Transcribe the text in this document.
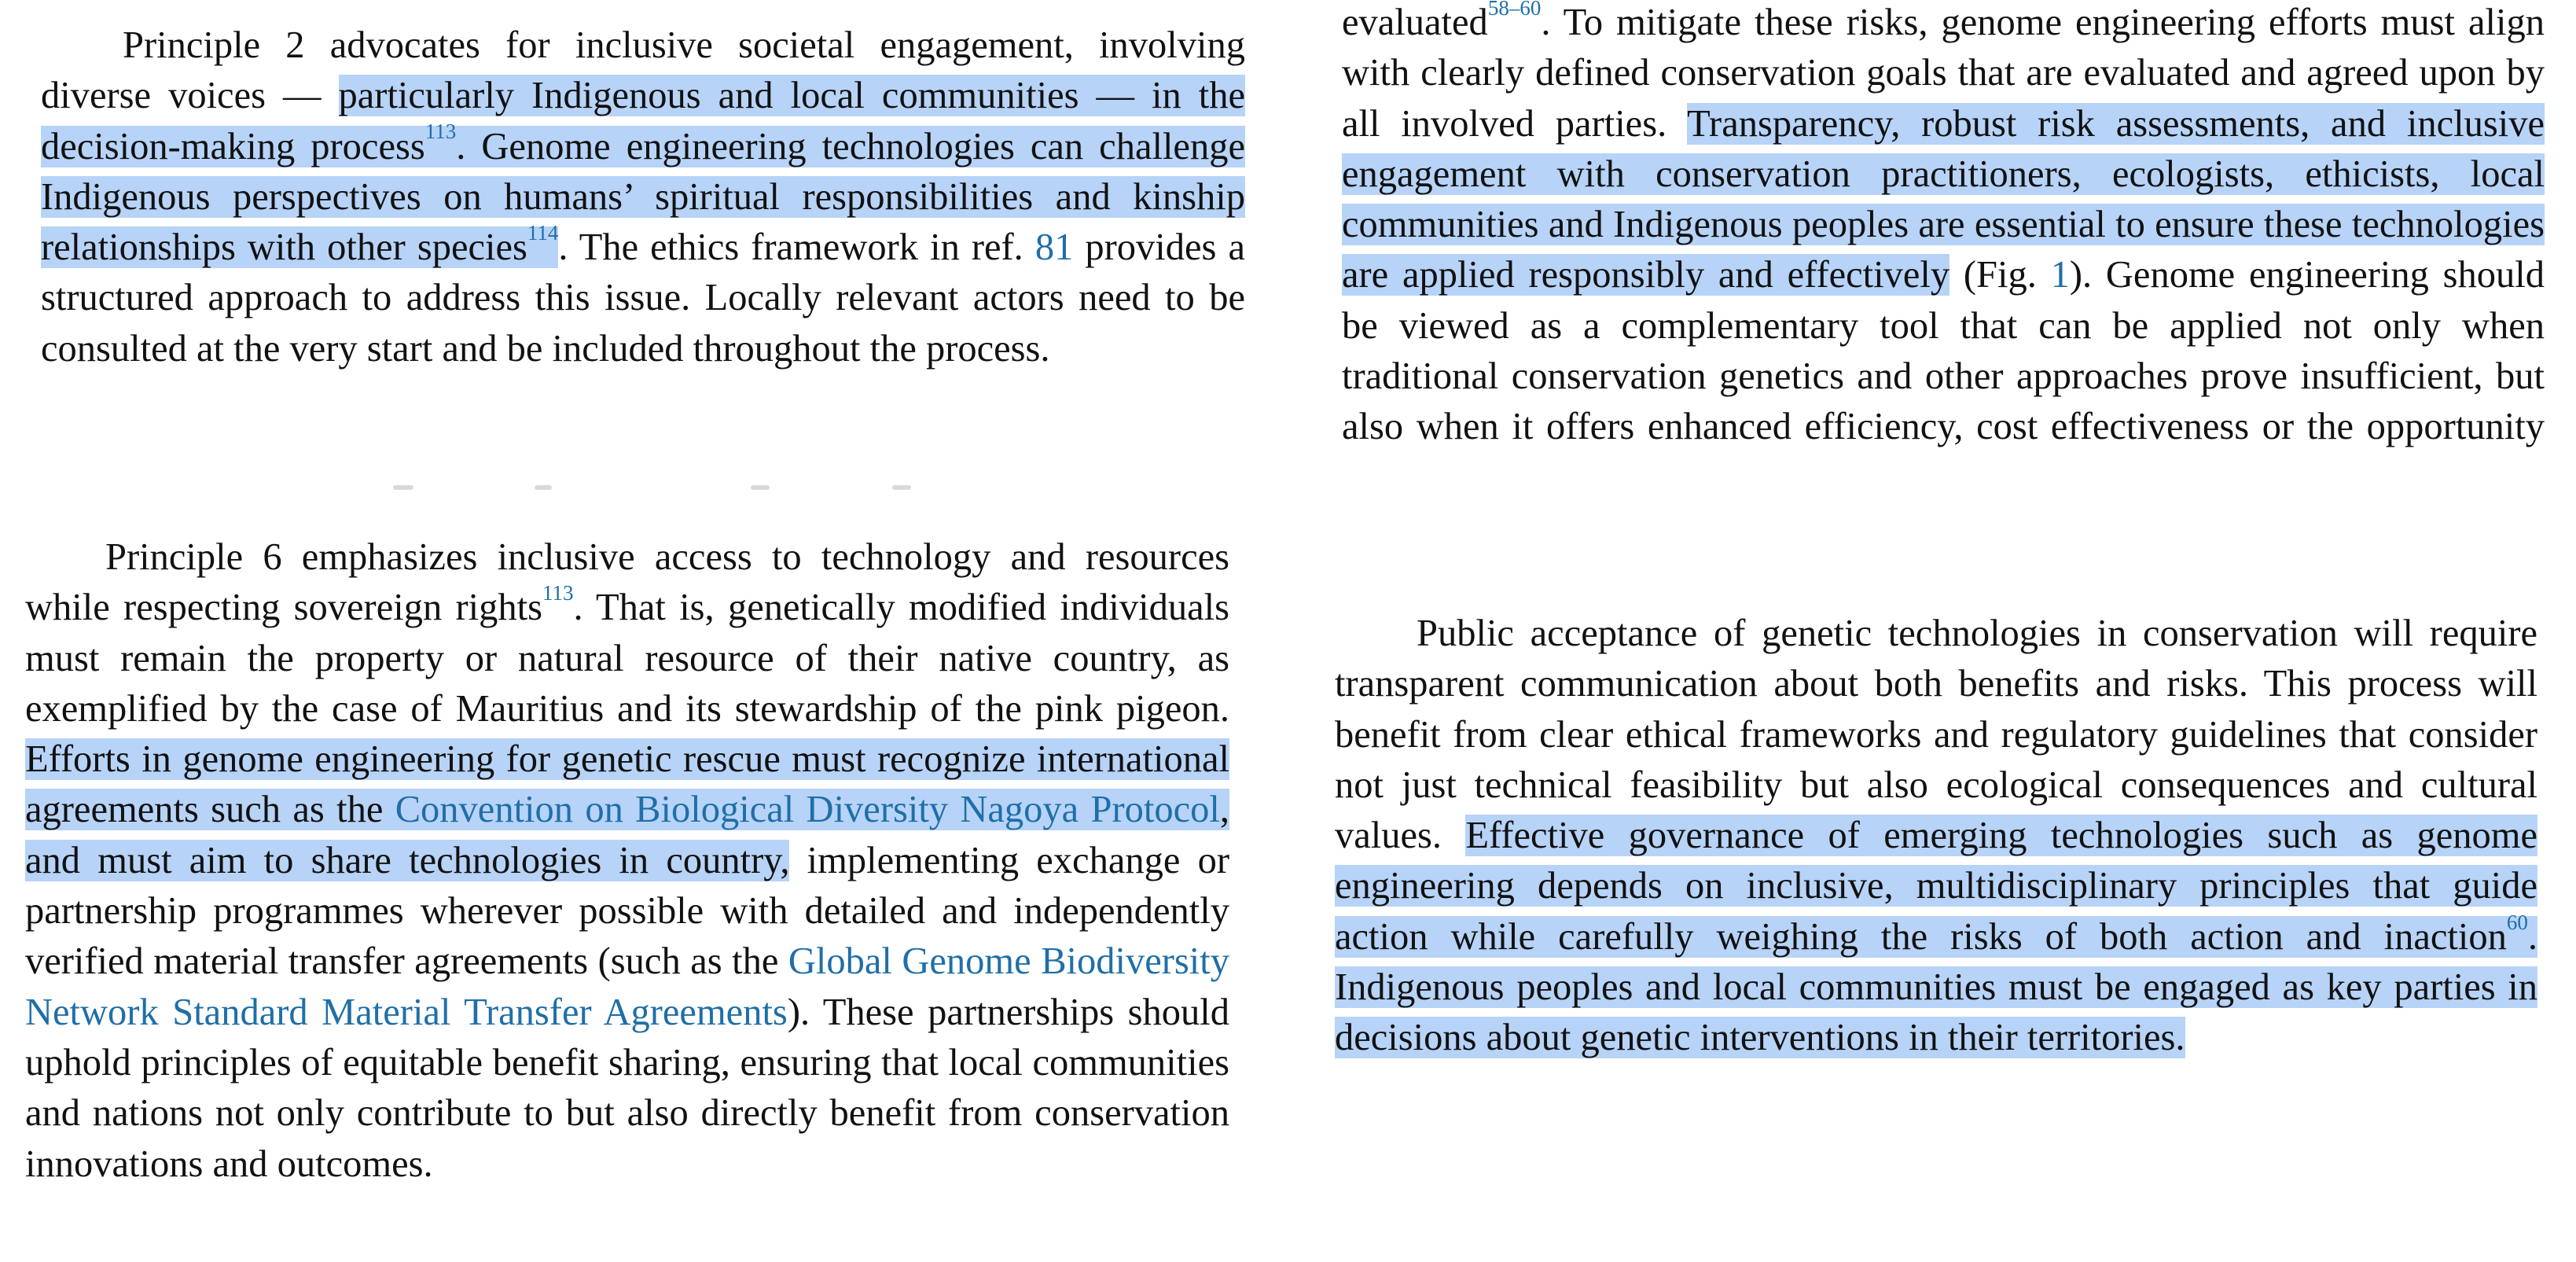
Principle 2 advocates for inclusive societal engagement, involving diverse voices — particularly Indigenous and local communities — in the decision-making process$^{113}$. Genome engineering technologies can challenge Indigenous perspectives on humans’ spiritual responsibilities and kinship relationships with other species$^{114}$. The ethics framework in ref. 81 provides a structured approach to address this issue. Locally relevant actors need to be consulted at the very start and be included throughout the process.

Principle 6 emphasizes inclusive access to technology and resources while respecting sovereign rights$^{113}$. That is, genetically modified individuals must remain the property or natural resource of their native country, as exemplified by the case of Mauritius and its stewardship of the pink pigeon. Efforts in genome engineering for genetic rescue must recognize international agreements such as the Convention on Biological Diversity Nagoya Protocol, and must aim to share technologies in country, implementing exchange or partnership programmes wherever possible with detailed and independently verified material transfer agreements (such as the Global Genome Biodiversity Network Standard Material Transfer Agreements). These partnerships should uphold principles of equitable benefit sharing, ensuring that local communities and nations not only contribute to but also directly benefit from conservation innovations and outcomes.

evaluated$^{58-60}$. To mitigate these risks, genome engineering efforts must align with clearly defined conservation goals that are evaluated and agreed upon by all involved parties. Transparency, robust risk assessments, and inclusive engagement with conservation practitioners, ecologists, ethicists, local communities and Indigenous peoples are essential to ensure these technologies are applied responsibly and effectively (Fig. 1). Genome engineering should be viewed as a complementary tool that can be applied not only when traditional conservation genetics and other approaches prove insufficient, but also when it offers enhanced efficiency, cost effectiveness or the opportunity

Public acceptance of genetic technologies in conservation will require transparent communication about both benefits and risks. This process will benefit from clear ethical frameworks and regulatory guidelines that consider not just technical feasibility but also ecological consequences and cultural values. Effective governance of emerging technologies such as genome engineering depends on inclusive, multidisciplinary principles that guide action while carefully weighing the risks of both action and inaction$^{60}$. Indigenous peoples and local communities must be engaged as key parties in decisions about genetic interventions in their territories.
